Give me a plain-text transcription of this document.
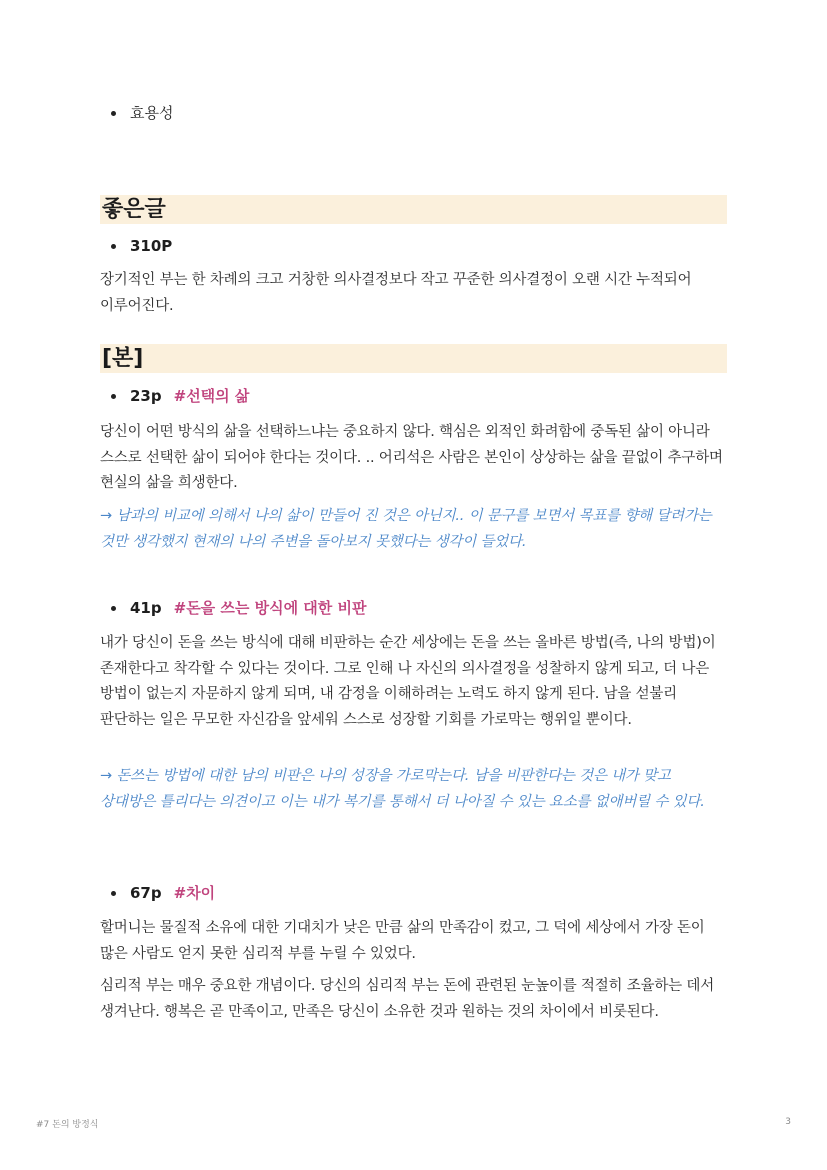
효용성
좋은글
310P
장기적인 부는 한 차례의 크고 거창한 의사결정보다 작고 꾸준한 의사결정이 오랜 시간 누적되어 이루어진다.
[본]
23p #선택의 삶
당신이 어떤 방식의 삶을 선택하느냐는 중요하지 않다. 핵심은 외적인 화려함에 중독된 삶이 아니라 스스로 선택한 삶이 되어야 한다는 것이다. .. 어리석은 사람은 본인이 상상하는 삶을 끝없이 추구하며 현실의 삶을 희생한다.
→ 남과의 비교에 의해서 나의 삶이 만들어 진 것은 아닌지.. 이 문구를 보면서 목표를 향해 달려가는 것만 생각했지 현재의 나의 주변을 돌아보지 못했다는 생각이 들었다.
41p #돈을 쓰는 방식에 대한 비판
내가 당신이 돈을 쓰는 방식에 대해 비판하는 순간 세상에는 돈을 쓰는 올바른 방법(즉, 나의 방법)이 존재한다고 착각할 수 있다는 것이다. 그로 인해 나 자신의 의사결정을 성찰하지 않게 되고, 더 나은 방법이 없는지 자문하지 않게 되며, 내 감정을 이해하려는 노력도 하지 않게 된다. 남을 섣불리 판단하는 일은 무모한 자신감을 앞세워 스스로 성장할 기회를 가로막는 행위일 뿐이다.
→ 돈쓰는 방법에 대한 남의 비판은 나의 성장을 가로막는다. 남을 비판한다는 것은 내가 맞고 상대방은 틀리다는 의견이고 이는 내가 복기를 통해서 더 나아질 수 있는 요소를 없애버릴 수 있다.
67p #차이
할머니는 물질적 소유에 대한 기대치가 낮은 만큼 삶의 만족감이 컸고, 그 덕에 세상에서 가장 돈이 많은 사람도 얻지 못한 심리적 부를 누릴 수 있었다.
심리적 부는 매우 중요한 개념이다. 당신의 심리적 부는 돈에 관련된 눈높이를 적절히 조율하는 데서 생겨난다. 행복은 곧 만족이고, 만족은 당신이 소유한 것과 원하는 것의 차이에서 비롯된다.
#7 돈의 방정식	3
